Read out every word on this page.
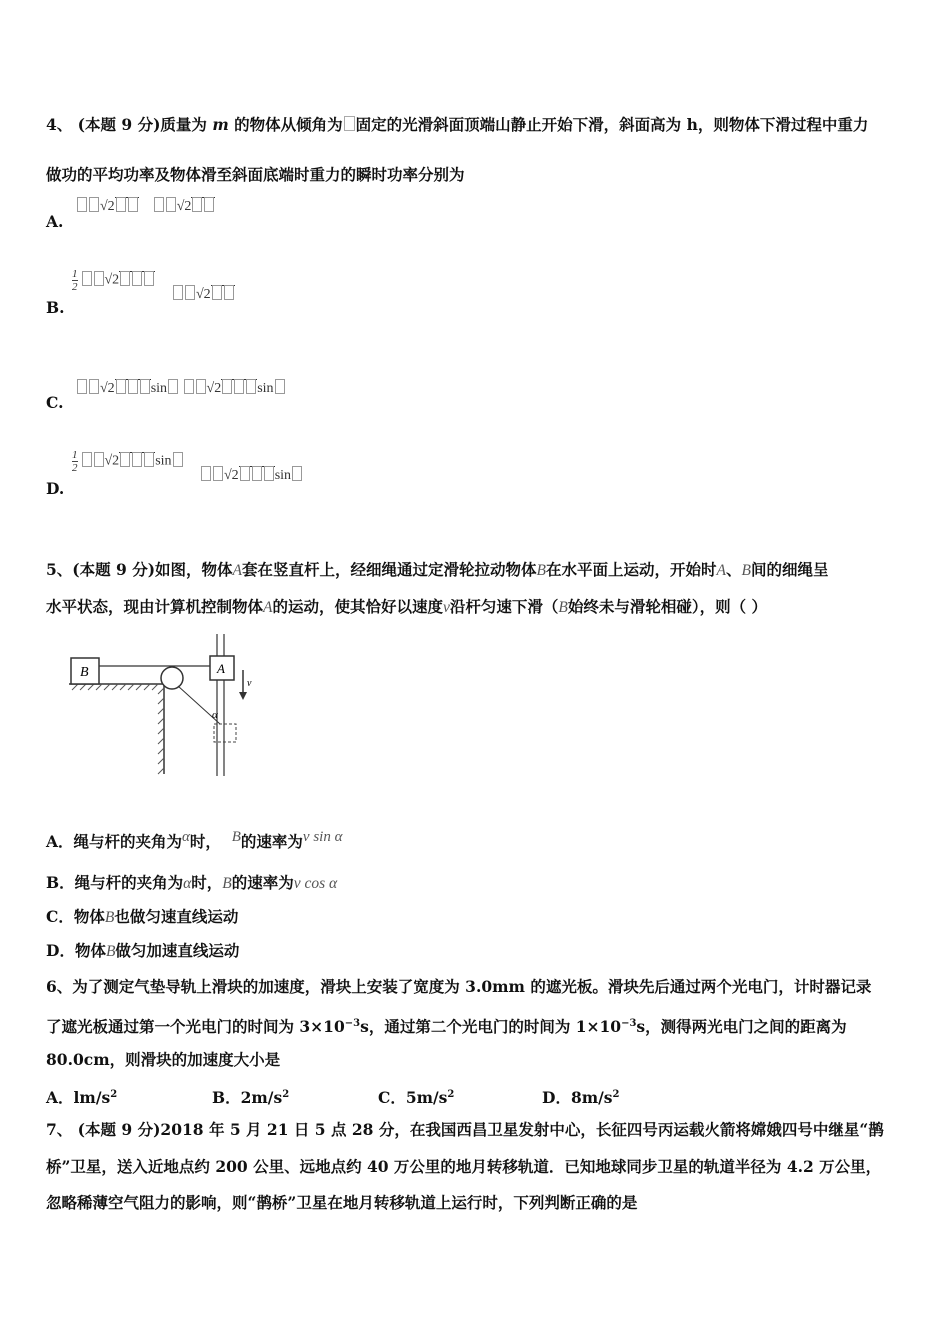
4、 (本题 9 分)质量为 m 的物体从倾角为 固定的光滑斜面顶端山静止开始下滑，斜面高为 h，则物体下滑过程中重力
做功的平均功率及物体滑至斜面底端时重力的瞬时功率分别为
A.
√2	√2
B.
$\frac{1}{2} √2$
√2
C.
√2	sin	√2	sin
D.
$\frac{1}{2} √2$	sin
√2	sin
5、(本题 9 分)如图，物体A套在竖直杆上，经细绳通过定滑轮拉动物体B在水平面上运动，开始时A、B间的细绳呈
水平状态，现由计算机控制物体A的运动，使其恰好以速度v沿杆匀速下滑（B始终未与滑轮相碰），则（ ）
B	A
v
α
A．绳与杆的夹角为$^\alpha$时， $^B$的速率为$^{v sin \alpha}$
B．绳与杆的夹角为α时，B的速率为v cos α
C．物体B也做匀速直线运动
D．物体B做匀加速直线运动
6、为了测定气垫导轨上滑块的加速度，滑块上安装了宽度为 3.0mm 的遮光板。滑块先后通过两个光电门，计时器记录
了遮光板通过第一个光电门的时间为 $3\times 10^{-3}s$，通过第二个光电门的时间为 $1\times 10^{-3}s$，测得两光电门之间的距离为
80.0cm，则滑块的加速度大小是
A．$lm/s^2$	B．$2m/s^2$	C．$5m/s^2$	D．$8m/s^2$
7、 (本题 9 分)2018 年 5 月 21 日 5 点 28 分，在我国西昌卫星发射中心，长征四号丙运载火箭将嫦娥四号中继星“鹊
桥”卫星，送入近地点约 200 公里、远地点约 40 万公里的地月转移轨道．已知地球同步卫星的轨道半径为 4.2 万公里，
忽略稀薄空气阻力的影响，则“鹊桥”卫星在地月转移轨道上运行时，下列判断正确的是
